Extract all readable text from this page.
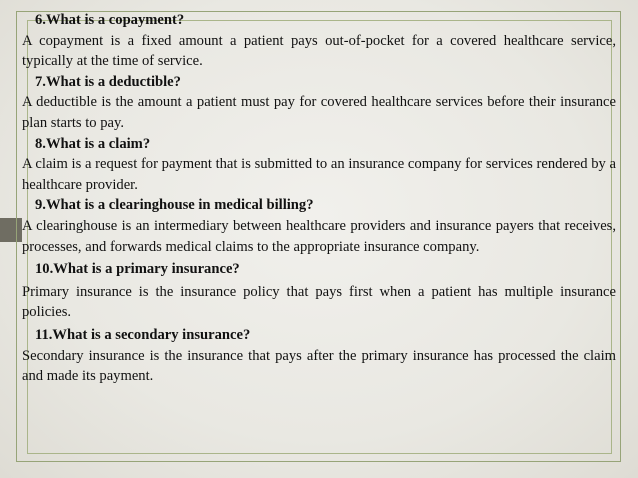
6.What is a copayment?

A copayment is a fixed amount a patient pays out-of-pocket for a covered healthcare service, typically at the time of service.

7.What is a deductible?

A deductible is the amount a patient must pay for covered healthcare services before their insurance plan starts to pay.

8.What is a claim?

A claim is a request for payment that is submitted to an insurance company for services rendered by a healthcare provider.

9.What is a clearinghouse in medical billing?

A clearinghouse is an intermediary between healthcare providers and insurance payers that receives, processes, and forwards medical claims to the appropriate insurance company.

10.What is a primary insurance?

Primary insurance is the insurance policy that pays first when a patient has multiple insurance policies.

11.What is a secondary insurance?

Secondary insurance is the insurance that pays after the primary insurance has processed the claim and made its payment.
